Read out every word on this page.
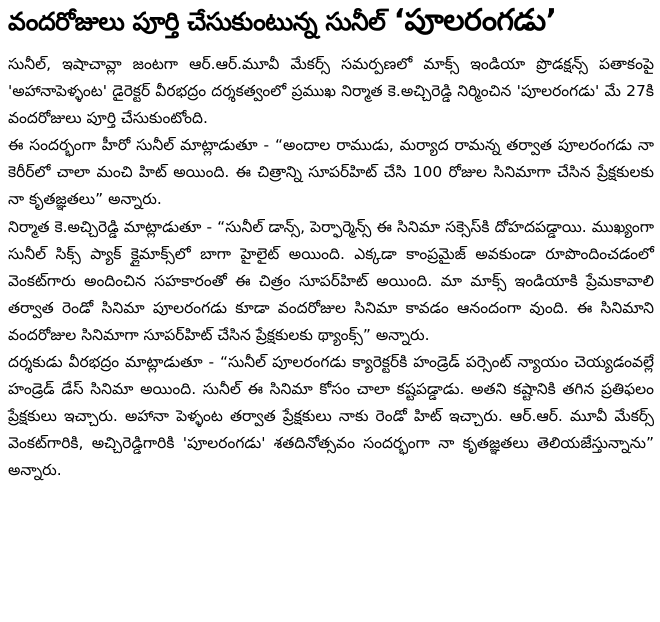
వందరోజులు పూర్తి చేసుకుంటున్న సునీల్ ‘పూలరంగడు’

సునీల్, ఇషాచావ్లా జంటగా ఆర్.ఆర్.మూవీ మేకర్స్ సమర్పణలో మాక్స్ ఇండియా ప్రొడక్షన్స్ పతాకంపై 'అహానాపెళ్ళంట' డైరెక్టర్ వీరభద్రం దర్శకత్వంలో ప్రముఖ నిర్మాత కె.అచ్చిరెడ్డి నిర్మించిన 'పూలరంగడు' మే 27కి వందరోజులు పూర్తి చేసుకుంటోంది.

ఈ సందర్భంగా హీరో సునీల్ మాట్లాడుతూ - “అందాల రాముడు, మర్యాద రామన్న తర్వాత పూలరంగడు నా కెరీర్‌లో చాలా మంచి హిట్ అయింది. ఈ చిత్రాన్ని సూపర్‌హిట్ చేసి 100 రోజుల సినిమాగా చేసిన ప్రేక్షకులకు నా కృతజ్ఞతలు” అన్నారు.

నిర్మాత కె.అచ్చిరెడ్డి మాట్లాడుతూ - “సునీల్ డాన్స్, పెర్ఫార్మెన్స్ ఈ సినిమా సక్సెస్‌కి దోహదపడ్డాయి. ముఖ్యంగా సునీల్ సిక్స్ ప్యాక్ క్లైమాక్స్‌లో బాగా హైలైట్ అయింది. ఎక్కడా కాంప్రమైజ్ అవకుండా రూపొందించడంలో వెంకట్‌గారు అందించిన సహకారంతో ఈ చిత్రం సూపర్‌హిట్ అయింది. మా మాక్స్ ఇండియాకి ప్రేమకావాలి తర్వాత రెండో సినిమా పూలరంగడు కూడా వందరోజుల సినిమా కావడం ఆనందంగా వుంది. ఈ సినిమాని వందరోజుల సినిమాగా సూపర్‌హిట్ చేసిన ప్రేక్షకులకు థ్యాంక్స్” అన్నారు.

దర్శకుడు వీరభద్రం మాట్లాడుతూ - “సునీల్ పూలరంగడు క్యారెక్టర్‌కి హండ్రెడ్ పర్సెంట్ న్యాయం చెయ్యడంవల్లే హండ్రెడ్ డేస్ సినిమా అయింది. సునీల్ ఈ సినిమా కోసం చాలా కష్టపడ్డాడు. అతని కష్టానికి తగిన ప్రతిఫలం ప్రేక్షకులు ఇచ్చారు. అహానా పెళ్ళంట తర్వాత ప్రేక్షకులు నాకు రెండో హిట్ ఇచ్చారు. ఆర్.ఆర్. మూవీ మేకర్స్ వెంకట్‌గారికి, అచ్చిరెడ్డిగారికి 'పూలరంగడు' శతదినోత్సవం సందర్భంగా నా కృతజ్ఞతలు తెలియజేస్తున్నాను” అన్నారు.
